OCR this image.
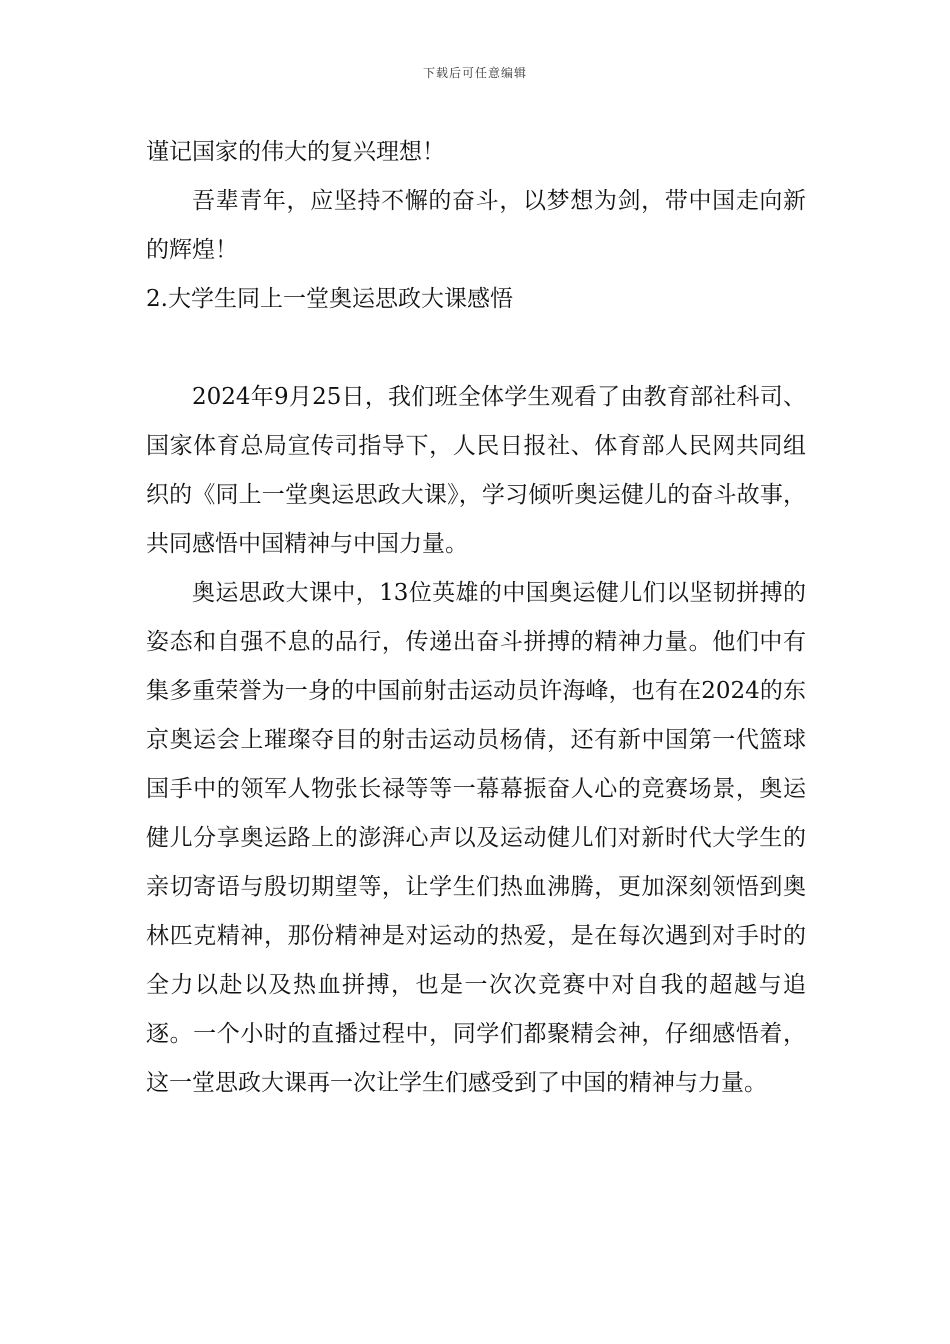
下载后可任意编辑

谨记国家的伟大的复兴理想！

吾辈青年，应坚持不懈的奋斗，以梦想为剑，带中国走向新的辉煌！

2.大学生同上一堂奥运思政大课感悟

2024年9月25日，我们班全体学生观看了由教育部社科司、国家体育总局宣传司指导下，人民日报社、体育部人民网共同组织的《同上一堂奥运思政大课》，学习倾听奥运健儿的奋斗故事，共同感悟中国精神与中国力量。

奥运思政大课中，13位英雄的中国奥运健儿们以坚韧拼搏的姿态和自强不息的品行，传递出奋斗拼搏的精神力量。他们中有集多重荣誉为一身的中国前射击运动员许海峰，也有在2024的东京奥运会上璀璨夺目的射击运动员杨倩，还有新中国第一代篮球国手中的领军人物张长禄等等一幕幕振奋人心的竞赛场景，奥运健儿分享奥运路上的澎湃心声以及运动健儿们对新时代大学生的亲切寄语与殷切期望等，让学生们热血沸腾，更加深刻领悟到奥林匹克精神，那份精神是对运动的热爱，是在每次遇到对手时的全力以赴以及热血拼搏，也是一次次竞赛中对自我的超越与追逐。一个小时的直播过程中，同学们都聚精会神，仔细感悟着，这一堂思政大课再一次让学生们感受到了中国的精神与力量。
